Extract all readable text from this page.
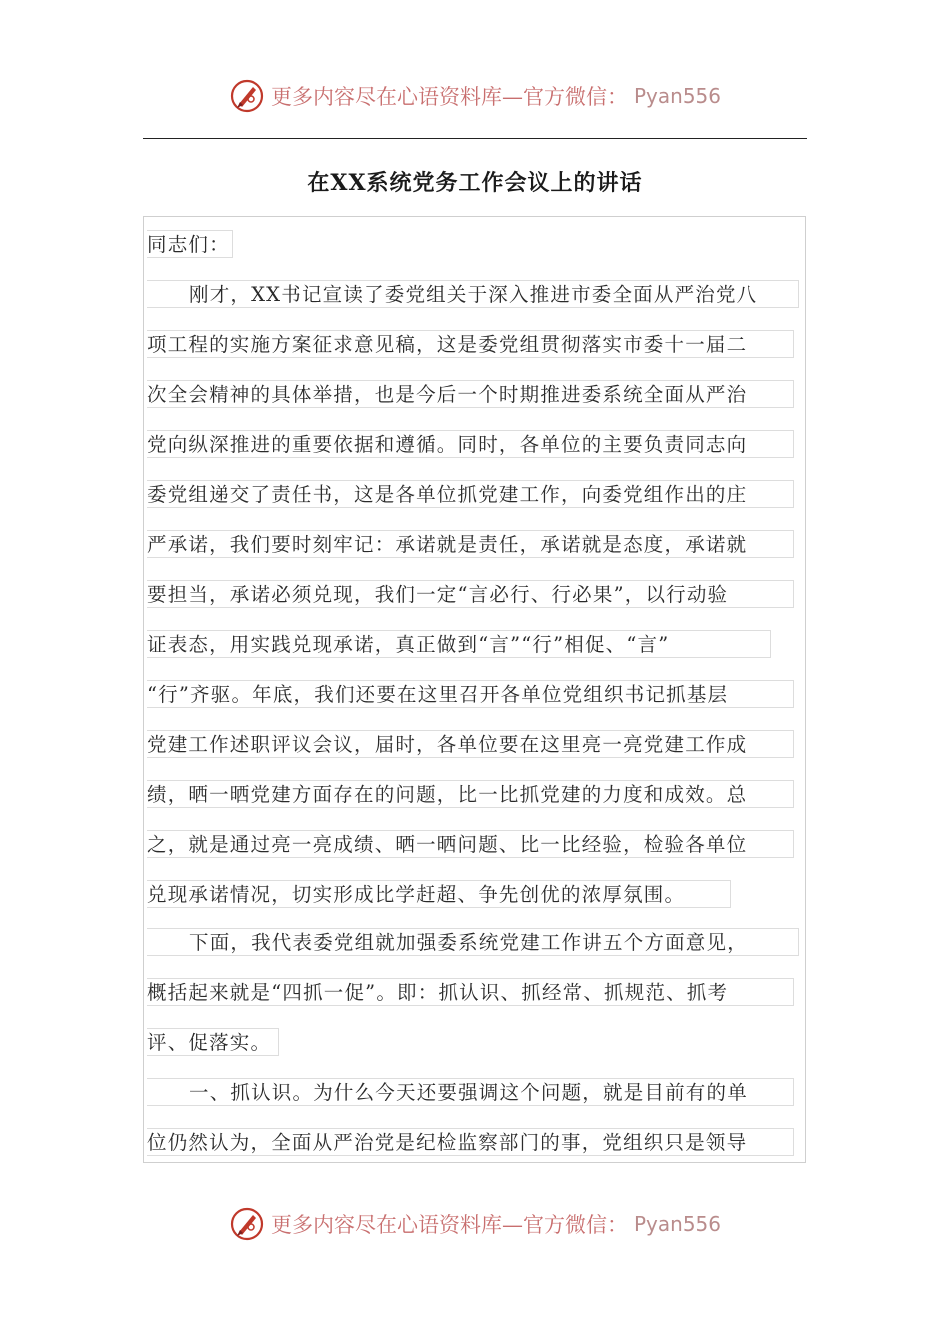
更多内容尽在心语资料库—官方微信： Pyan556
在XX系统党务工作会议上的讲话
同志们：
刚才，XX书记宣读了委党组关于深入推进市委全面从严治党八
项工程的实施方案征求意见稿，这是委党组贯彻落实市委十一届二
次全会精神的具体举措，也是今后一个时期推进委系统全面从严治
党向纵深推进的重要依据和遵循。同时，各单位的主要负责同志向
委党组递交了责任书，这是各单位抓党建工作，向委党组作出的庄
严承诺，我们要时刻牢记：承诺就是责任，承诺就是态度，承诺就
要担当，承诺必须兑现，我们一定“言必行、行必果”，以行动验
证表态，用实践兑现承诺，真正做到“言”“行”相促、“言”
“行”齐驱。年底，我们还要在这里召开各单位党组织书记抓基层
党建工作述职评议会议，届时，各单位要在这里亮一亮党建工作成
绩，晒一晒党建方面存在的问题，比一比抓党建的力度和成效。总
之，就是通过亮一亮成绩、晒一晒问题、比一比经验，检验各单位
兑现承诺情况，切实形成比学赶超、争先创优的浓厚氛围。
下面，我代表委党组就加强委系统党建工作讲五个方面意见，
概括起来就是“四抓一促”。即：抓认识、抓经常、抓规范、抓考
评、促落实。
一、抓认识。为什么今天还要强调这个问题，就是目前有的单
位仍然认为，全面从严治党是纪检监察部门的事，党组织只是领导
更多内容尽在心语资料库—官方微信： Pyan556
